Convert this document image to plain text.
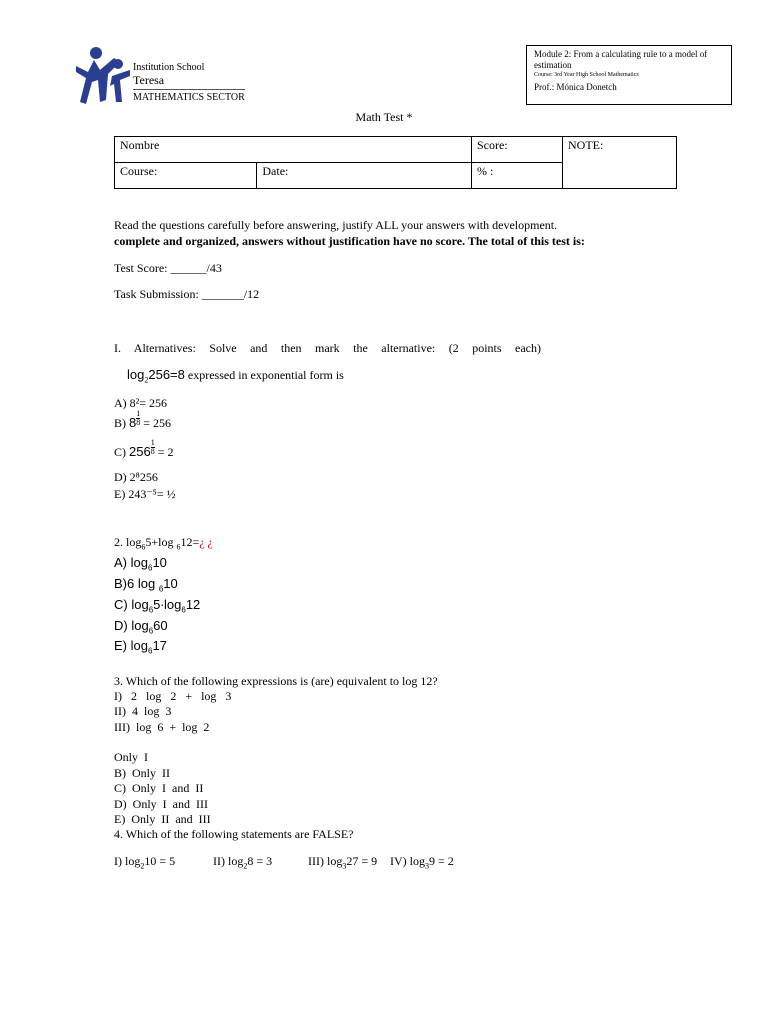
Institution School
Teresa
MATHEMATICS SECTOR
Module 2: From a calculating rule to a model of estimation
Course: 3rd Year High School Mathematics
Prof.: Mónica Donetch
Math Test *
Nombre		Score:	NOTE:
Course:	Date:	% :	
Read the questions carefully before answering, justify ALL your answers with development.
complete and organized, answers without justification have no score. The total of this test is:
Test Score: ______/43
Task Submission: _______/12
I. Alternatives: Solve and then mark the alternative: (2 points each)
$\log_2256=8$ expressed in exponential form is
A) 8²= 256
B) $8 \frac{1}{8} = 256$
C) $256 \frac{1}{8} = 2$
D) 2⁸256
E) 243⁻⁵= ½
2. $\log_65+\log$ $_6$12=¿ ¿
A) $\log_610$
B)6 log $_6$10
C) $\log_65\cdot\log_612$
D) $\log_660$
E) $\log_617$
3. Which of the following expressions is (are) equivalent to log 12?
I)   2   log   2   +   log   3
II)  4  log  3
III)  log  6  +  log  2
Only  I
B)  Only  II
C)  Only  I  and  II
D)  Only  I  and  III
E)  Only  II  and  III
4. Which of the following statements are FALSE?
I) $\log_210 = 5$	II) $\log_28 = 3$	III) $\log_327 = 9$ IV) $\log_39 = 2$
